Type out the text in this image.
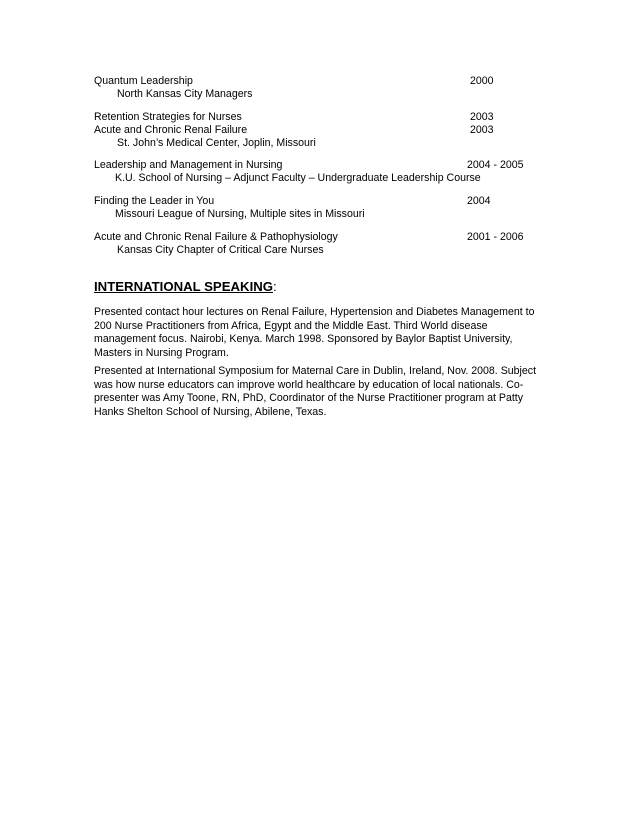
Quantum Leadership	2000
North Kansas City Managers
Retention Strategies for Nurses	2003
Acute and Chronic Renal Failure	2003
St. John’s Medical Center, Joplin, Missouri
Leadership and Management in Nursing	2004 - 2005
K.U. School of Nursing – Adjunct Faculty – Undergraduate Leadership Course
Finding the Leader in You	2004
Missouri League of Nursing, Multiple sites in Missouri
Acute and Chronic Renal Failure & Pathophysiology	2001 - 2006
Kansas City Chapter of Critical Care Nurses
INTERNATIONAL SPEAKING:
Presented contact hour lectures on Renal Failure, Hypertension and Diabetes Management to
200 Nurse Practitioners from Africa, Egypt and the Middle East. Third World disease
management focus. Nairobi, Kenya. March 1998. Sponsored by Baylor Baptist University,
Masters in Nursing Program.
Presented at International Symposium for Maternal Care in Dublin, Ireland, Nov. 2008. Subject
was how nurse educators can improve world healthcare by education of local nationals. Co-
presenter was Amy Toone, RN, PhD, Coordinator of the Nurse Practitioner program at Patty
Hanks Shelton School of Nursing, Abilene, Texas.
